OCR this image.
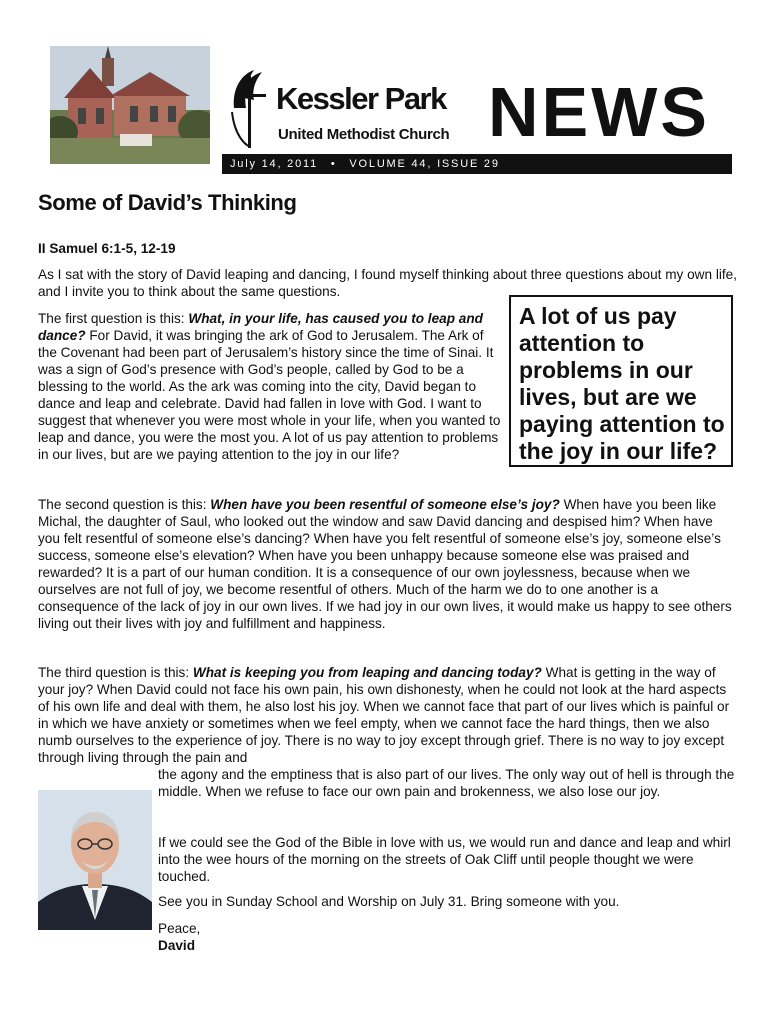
Kessler Park
United Methodist Church NEWS
July 14, 2011 • VOLUME 44, ISSUE 29
Some of David’s Thinking
II Samuel 6:1-5, 12-19

As I sat with the story of David leaping and dancing, I found myself thinking about three questions about my own life, and I invite you to think about the same questions.

The first question is this: What, in your life, has caused you to leap and dance? For David, it was bringing the ark of God to Jerusalem. The Ark of the Covenant had been part of Jerusalem’s history since the time of Sinai. It was a sign of God’s presence with God’s people, called by God to be a blessing to the world. As the ark was coming into the city, David began to dance and leap and celebrate. David had fallen in love with God. I want to suggest that whenever you were most whole in your life, when you wanted to leap and dance, you were the most you. A lot of us pay attention to problems in our lives, but are we paying attention to the joy in our life?

A lot of us pay attention to problems in our lives, but are we paying attention to the joy in our life?

The second question is this: When have you been resentful of someone else’s joy? When have you been like Michal, the daughter of Saul, who looked out the window and saw David dancing and despised him? When have you felt resentful of someone else’s dancing? When have you felt resentful of someone else’s joy, someone else’s success, someone else’s elevation? When have you been unhappy because someone else was praised and rewarded? It is a part of our human condition. It is a consequence of our own joylessness, because when we ourselves are not full of joy, we become resentful of others. Much of the harm we do to one another is a consequence of the lack of joy in our own lives. If we had joy in our own lives, it would make us happy to see others living out their lives with joy and fulfillment and happiness.

The third question is this: What is keeping you from leaping and dancing today? What is getting in the way of your joy? When David could not face his own pain, his own dishonesty, when he could not look at the hard aspects of his own life and deal with them, he also lost his joy. When we cannot face that part of our lives which is painful or in which we have anxiety or sometimes when we feel empty, when we cannot face the hard things, then we also numb ourselves to the experience of joy. There is no way to joy except through grief. There is no way to joy except through living through the pain and
the agony and the emptiness that is also part of our lives. The only way out of hell is through the middle. When we refuse to face our own pain and brokenness, we also lose our joy.

If we could see the God of the Bible in love with us, we would run and dance and leap and whirl into the wee hours of the morning on the streets of Oak Cliff until people thought we were touched.

See you in Sunday School and Worship on July 31. Bring someone with you.

Peace,
David
